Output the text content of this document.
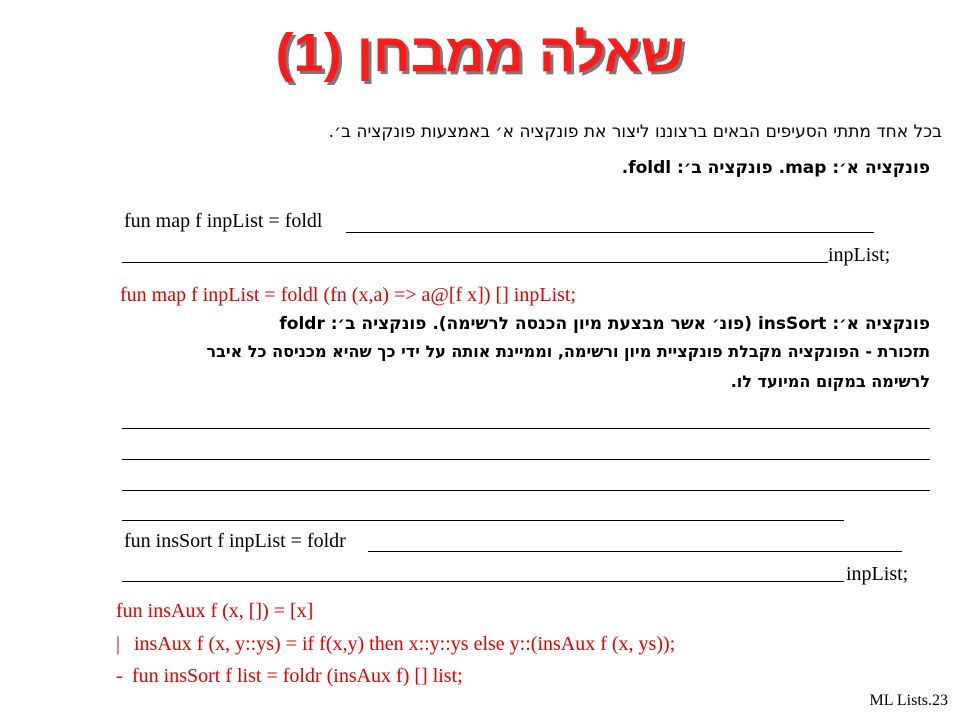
שאלה ממבחן (1)
בכל אחד מתתי הסעיפים הבאים ברצוננו ליצור את פונקציה א׳ באמצעות פונקציה ב׳.
פונקציה א׳: map. פונקציה ב׳: foldl.
fun map f inpList = foldl
inpList;
fun map f inpList = foldl (fn (x,a) => a@[f x]) [] inpList;
פונקציה א׳: insSort (פונ׳ אשר מבצעת מיון הכנסה לרשימה). פונקציה ב׳: foldr
תזכורת - הפונקציה מקבלת פונקציית מיון ורשימה, וממיינת אותה על ידי כך שהיא מכניסה כל איבר
לרשימה במקום המיועד לו.
fun insSort f inpList = foldr
inpList;
fun insAux f (x, []) = [x]
| insAux f (x, y::ys) = if f(x,y) then x::y::ys else y::(insAux f (x, ys));
- fun insSort f list = foldr (insAux f) [] list;
ML Lists.23
